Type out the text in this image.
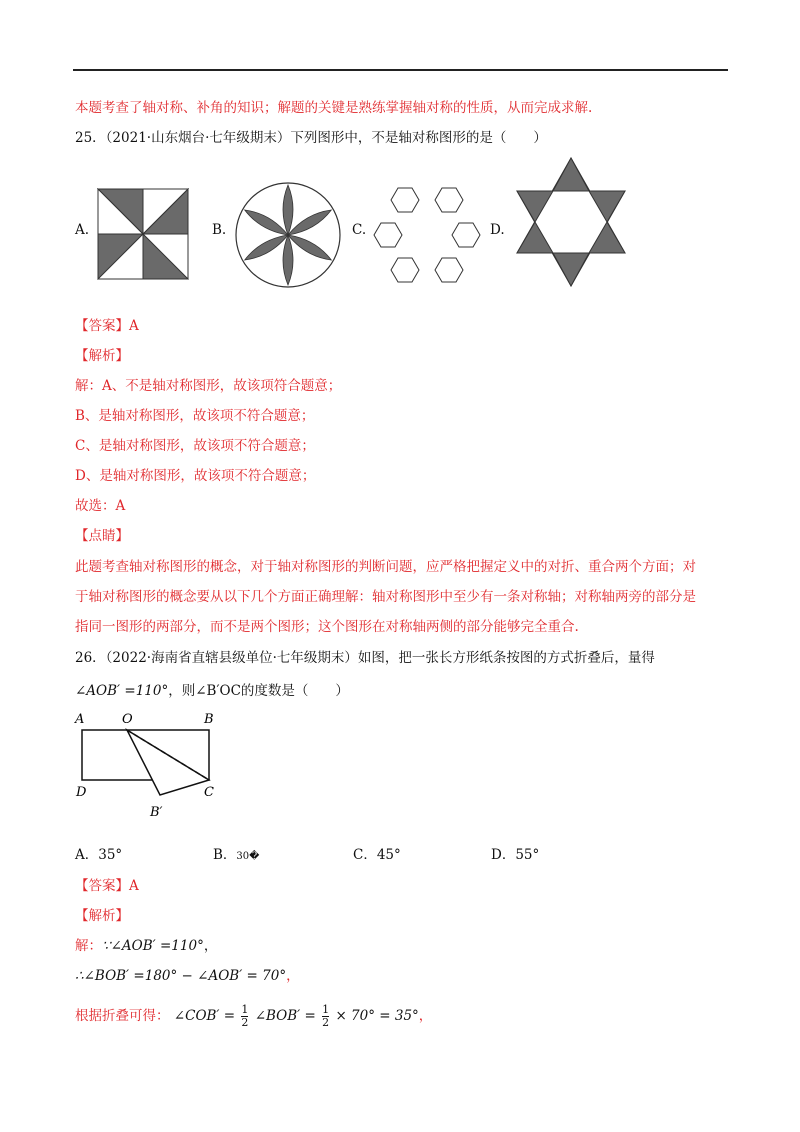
本题考查了轴对称、补角的知识；解题的关键是熟练掌握轴对称的性质，从而完成求解.
25．（2021·山东烟台·七年级期末）下列图形中，不是轴对称图形的是（　　）
A.	B.	C.	D.
【答案】A
【解析】
解：A、不是轴对称图形，故该项符合题意；
B、是轴对称图形，故该项不符合题意；
C、是轴对称图形，故该项不符合题意；
D、是轴对称图形，故该项不符合题意；
故选：A
【点睛】
此题考查轴对称图形的概念，对于轴对称图形的判断问题，应严格把握定义中的对折、重合两个方面；对
于轴对称图形的概念要从以下几个方面正确理解：轴对称图形中至少有一条对称轴；对称轴两旁的部分是
指同一图形的两部分，而不是两个图形；这个图形在对称轴两侧的部分能够完全重合.
26．（2022·海南省直辖县级单位·七年级期末）如图，把一张长方形纸条按图的方式折叠后，量得
∠AOB′ =110°，则∠B′OC的度数是（　　）
A	O	B
D	C
B′
A．35°	B．30�	C．45°	D．55°
【答案】A
【解析】
解：∵∠AOB′ =110°，
∴∠BOB′ =180° − ∠AOB′ = 70°，
根据折叠可得： ∠COB′ = $\frac{1}{2}$ ∠BOB′ = $\frac{1}{2} \times 70^\circ = 35^\circ$，
